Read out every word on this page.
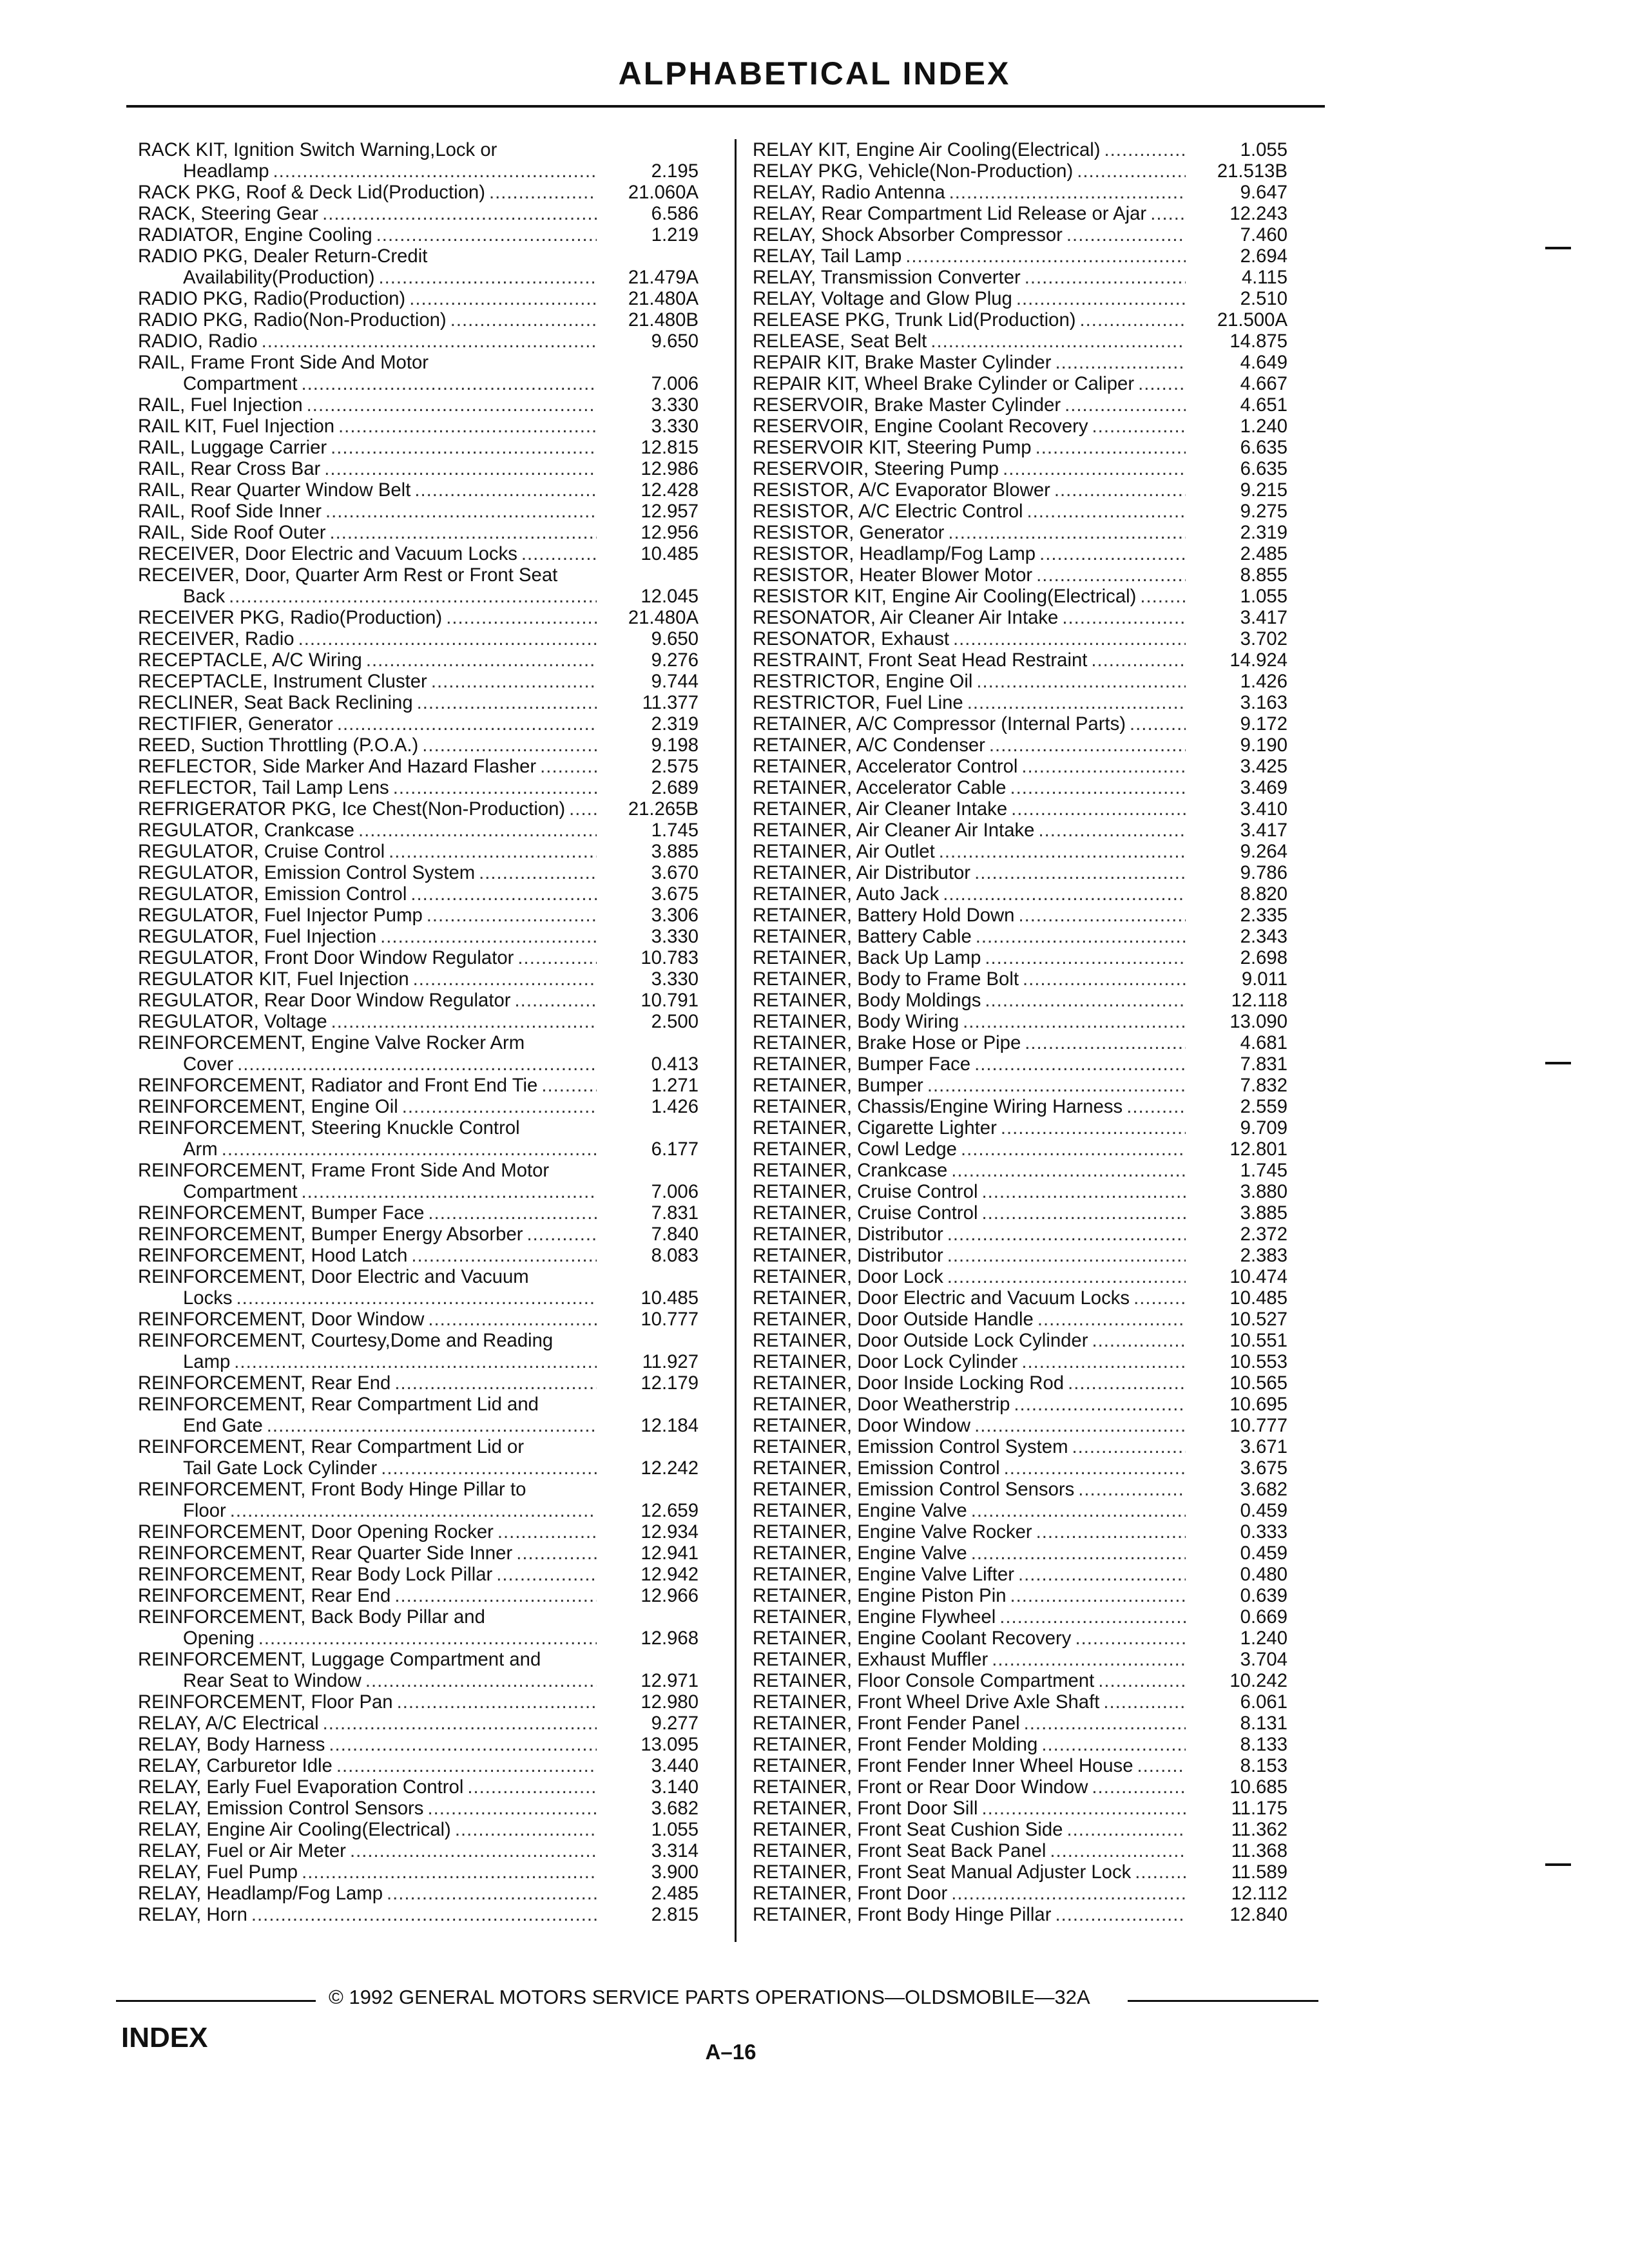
ALPHABETICAL INDEX
RACK KIT, Ignition Switch Warning,Lock or
Headlamp .....	2.195
RACK PKG, Roof & Deck Lid(Production) .....	21.060A
RACK, Steering Gear .....	6.586
RADIATOR, Engine Cooling .....	1.219
RADIO PKG, Dealer Return-Credit
Availability(Production) .....	21.479A
RADIO PKG, Radio(Production) .....	21.480A
RADIO PKG, Radio(Non-Production) .....	21.480B
RADIO, Radio .....	9.650
RAIL, Frame Front Side And Motor
Compartment .....	7.006
RAIL, Fuel Injection .....	3.330
RAIL KIT, Fuel Injection .....	3.330
RAIL, Luggage Carrier .....	12.815
RAIL, Rear Cross Bar .....	12.986
RAIL, Rear Quarter Window Belt .....	12.428
RAIL, Roof Side Inner .....	12.957
RAIL, Side Roof Outer .....	12.956
RECEIVER, Door Electric and Vacuum Locks .....	10.485
RECEIVER, Door, Quarter Arm Rest or Front Seat
Back .....	12.045
RECEIVER PKG, Radio(Production) .....	21.480A
RECEIVER, Radio .....	9.650
RECEPTACLE, A/C Wiring .....	9.276
RECEPTACLE, Instrument Cluster .....	9.744
RECLINER, Seat Back Reclining .....	11.377
RECTIFIER, Generator .....	2.319
REED, Suction Throttling (P.O.A.) .....	9.198
REFLECTOR, Side Marker And Hazard Flasher .....	2.575
REFLECTOR, Tail Lamp Lens .....	2.689
REFRIGERATOR PKG, Ice Chest(Non-Production) .....	21.265B
REGULATOR, Crankcase .....	1.745
REGULATOR, Cruise Control .....	3.885
REGULATOR, Emission Control System .....	3.670
REGULATOR, Emission Control .....	3.675
REGULATOR, Fuel Injector Pump .....	3.306
REGULATOR, Fuel Injection .....	3.330
REGULATOR, Front Door Window Regulator .....	10.783
REGULATOR KIT, Fuel Injection .....	3.330
REGULATOR, Rear Door Window Regulator .....	10.791
REGULATOR, Voltage .....	2.500
REINFORCEMENT, Engine Valve Rocker Arm
Cover .....	0.413
REINFORCEMENT, Radiator and Front End Tie .....	1.271
REINFORCEMENT, Engine Oil .....	1.426
REINFORCEMENT, Steering Knuckle Control
Arm .....	6.177
REINFORCEMENT, Frame Front Side And Motor
Compartment .....	7.006
REINFORCEMENT, Bumper Face .....	7.831
REINFORCEMENT, Bumper Energy Absorber .....	7.840
REINFORCEMENT, Hood Latch .....	8.083
REINFORCEMENT, Door Electric and Vacuum
Locks .....	10.485
REINFORCEMENT, Door Window .....	10.777
REINFORCEMENT, Courtesy,Dome and Reading
Lamp .....	11.927
REINFORCEMENT, Rear End .....	12.179
REINFORCEMENT, Rear Compartment Lid and
End Gate .....	12.184
REINFORCEMENT, Rear Compartment Lid or
Tail Gate Lock Cylinder .....	12.242
REINFORCEMENT, Front Body Hinge Pillar to
Floor .....	12.659
REINFORCEMENT, Door Opening Rocker .....	12.934
REINFORCEMENT, Rear Quarter Side Inner .....	12.941
REINFORCEMENT, Rear Body Lock Pillar .....	12.942
REINFORCEMENT, Rear End .....	12.966
REINFORCEMENT, Back Body Pillar and
Opening .....	12.968
REINFORCEMENT, Luggage Compartment and
Rear Seat to Window .....	12.971
REINFORCEMENT, Floor Pan .....	12.980
RELAY, A/C Electrical .....	9.277
RELAY, Body Harness .....	13.095
RELAY, Carburetor Idle .....	3.440
RELAY, Early Fuel Evaporation Control .....	3.140
RELAY, Emission Control Sensors .....	3.682
RELAY, Engine Air Cooling(Electrical) .....	1.055
RELAY, Fuel or Air Meter .....	3.314
RELAY, Fuel Pump .....	3.900
RELAY, Headlamp/Fog Lamp .....	2.485
RELAY, Horn .....	2.815
RELAY KIT, Engine Air Cooling(Electrical) .....	1.055
RELAY PKG, Vehicle(Non-Production) .....	21.513B
RELAY, Radio Antenna .....	9.647
RELAY, Rear Compartment Lid Release or Ajar .....	12.243
RELAY, Shock Absorber Compressor .....	7.460
RELAY, Tail Lamp .....	2.694
RELAY, Transmission Converter .....	4.115
RELAY, Voltage and Glow Plug .....	2.510
RELEASE PKG, Trunk Lid(Production) .....	21.500A
RELEASE, Seat Belt .....	14.875
REPAIR KIT, Brake Master Cylinder .....	4.649
REPAIR KIT, Wheel Brake Cylinder or Caliper .....	4.667
RESERVOIR, Brake Master Cylinder .....	4.651
RESERVOIR, Engine Coolant Recovery .....	1.240
RESERVOIR KIT, Steering Pump .....	6.635
RESERVOIR, Steering Pump .....	6.635
RESISTOR, A/C Evaporator Blower .....	9.215
RESISTOR, A/C Electric Control .....	9.275
RESISTOR, Generator .....	2.319
RESISTOR, Headlamp/Fog Lamp .....	2.485
RESISTOR, Heater Blower Motor .....	8.855
RESISTOR KIT, Engine Air Cooling(Electrical) .....	1.055
RESONATOR, Air Cleaner Air Intake .....	3.417
RESONATOR, Exhaust .....	3.702
RESTRAINT, Front Seat Head Restraint .....	14.924
RESTRICTOR, Engine Oil .....	1.426
RESTRICTOR, Fuel Line .....	3.163
RETAINER, A/C Compressor (Internal Parts) .....	9.172
RETAINER, A/C Condenser .....	9.190
RETAINER, Accelerator Control .....	3.425
RETAINER, Accelerator Cable .....	3.469
RETAINER, Air Cleaner Intake .....	3.410
RETAINER, Air Cleaner Air Intake .....	3.417
RETAINER, Air Outlet .....	9.264
RETAINER, Air Distributor .....	9.786
RETAINER, Auto Jack .....	8.820
RETAINER, Battery Hold Down .....	2.335
RETAINER, Battery Cable .....	2.343
RETAINER, Back Up Lamp .....	2.698
RETAINER, Body to Frame Bolt .....	9.011
RETAINER, Body Moldings .....	12.118
RETAINER, Body Wiring .....	13.090
RETAINER, Brake Hose or Pipe .....	4.681
RETAINER, Bumper Face .....	7.831
RETAINER, Bumper .....	7.832
RETAINER, Chassis/Engine Wiring Harness .....	2.559
RETAINER, Cigarette Lighter .....	9.709
RETAINER, Cowl Ledge .....	12.801
RETAINER, Crankcase .....	1.745
RETAINER, Cruise Control .....	3.880
RETAINER, Cruise Control .....	3.885
RETAINER, Distributor .....	2.372
RETAINER, Distributor .....	2.383
RETAINER, Door Lock .....	10.474
RETAINER, Door Electric and Vacuum Locks .....	10.485
RETAINER, Door Outside Handle .....	10.527
RETAINER, Door Outside Lock Cylinder .....	10.551
RETAINER, Door Lock Cylinder .....	10.553
RETAINER, Door Inside Locking Rod .....	10.565
RETAINER, Door Weatherstrip .....	10.695
RETAINER, Door Window .....	10.777
RETAINER, Emission Control System .....	3.671
RETAINER, Emission Control .....	3.675
RETAINER, Emission Control Sensors .....	3.682
RETAINER, Engine Valve .....	0.459
RETAINER, Engine Valve Rocker .....	0.333
RETAINER, Engine Valve .....	0.459
RETAINER, Engine Valve Lifter .....	0.480
RETAINER, Engine Piston Pin .....	0.639
RETAINER, Engine Flywheel .....	0.669
RETAINER, Engine Coolant Recovery .....	1.240
RETAINER, Exhaust Muffler .....	3.704
RETAINER, Floor Console Compartment .....	10.242
RETAINER, Front Wheel Drive Axle Shaft .....	6.061
RETAINER, Front Fender Panel .....	8.131
RETAINER, Front Fender Molding .....	8.133
RETAINER, Front Fender Inner Wheel House .....	8.153
RETAINER, Front or Rear Door Window .....	10.685
RETAINER, Front Door Sill .....	11.175
RETAINER, Front Seat Cushion Side .....	11.362
RETAINER, Front Seat Back Panel .....	11.368
RETAINER, Front Seat Manual Adjuster Lock .....	11.589
RETAINER, Front Door .....	12.112
RETAINER, Front Body Hinge Pillar .....	12.840
© 1992 GENERAL MOTORS SERVICE PARTS OPERATIONS—OLDSMOBILE—32A
INDEX	A–16
